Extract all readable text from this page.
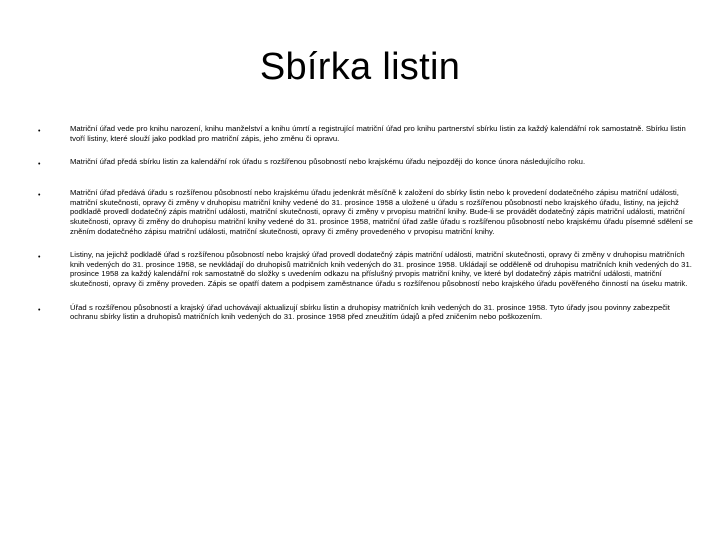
Sbírka listin
•	Matriční úřad vede pro knihu narození, knihu manželství a knihu úmrtí a registrující matriční úřad pro knihu partnerství sbírku listin za každý kalendářní rok samostatně. Sbírku listin tvoří listiny, které slouží jako podklad pro matriční zápis, jeho změnu či opravu.
•	Matriční úřad předá sbírku listin za kalendářní rok úřadu s rozšířenou působností nebo krajskému úřadu nejpozději do konce února následujícího roku.
•	Matriční úřad předává úřadu s rozšířenou působností nebo krajskému úřadu jedenkrát měsíčně k založení do sbírky listin nebo k provedení dodatečného zápisu matriční události, matriční skutečnosti, opravy či změny v druhopisu matriční knihy vedené do 31. prosince 1958 a uložené u úřadu s rozšířenou působností nebo krajského úřadu, listiny, na jejichž podkladě provedl dodatečný zápis matriční události, matriční skutečnosti, opravy či změny v prvopisu matriční knihy. Bude-li se provádět dodatečný zápis matriční události, matriční skutečnosti, opravy či změny do druhopisu matriční knihy vedené do 31. prosince 1958, matriční úřad zašle úřadu s rozšířenou působností nebo krajskému úřadu písemné sdělení se zněním dodatečného zápisu matriční události, matriční skutečnosti, opravy či změny provedeného v prvopisu matriční knihy.
•	Listiny, na jejichž podkladě úřad s rozšířenou působností nebo krajský úřad provedl dodatečný zápis matriční události, matriční skutečnosti, opravy či změny v druhopisu matričních knih vedených do 31. prosince 1958, se nevkládají do druhopisů matričních knih vedených do 31. prosince 1958. Ukládají se odděleně od druhopisu matričních knih vedených do 31. prosince 1958 za každý kalendářní rok samostatně do složky s uvedením odkazu na příslušný prvopis matriční knihy, ve které byl dodatečný zápis matriční události, matriční skutečnosti, opravy či změny proveden. Zápis se opatří datem a podpisem zaměstnance úřadu s rozšířenou působností nebo krajského úřadu pověřeného činností na úseku matrik.
•	Úřad s rozšířenou působností a krajský úřad uchovávají aktualizují sbírku listin a druhopisy matričních knih vedených do 31. prosince 1958. Tyto úřady jsou povinny zabezpečit ochranu sbírky listin a druhopisů matričních knih vedených do 31. prosince 1958 před zneužitím údajů a před zničením nebo poškozením.
